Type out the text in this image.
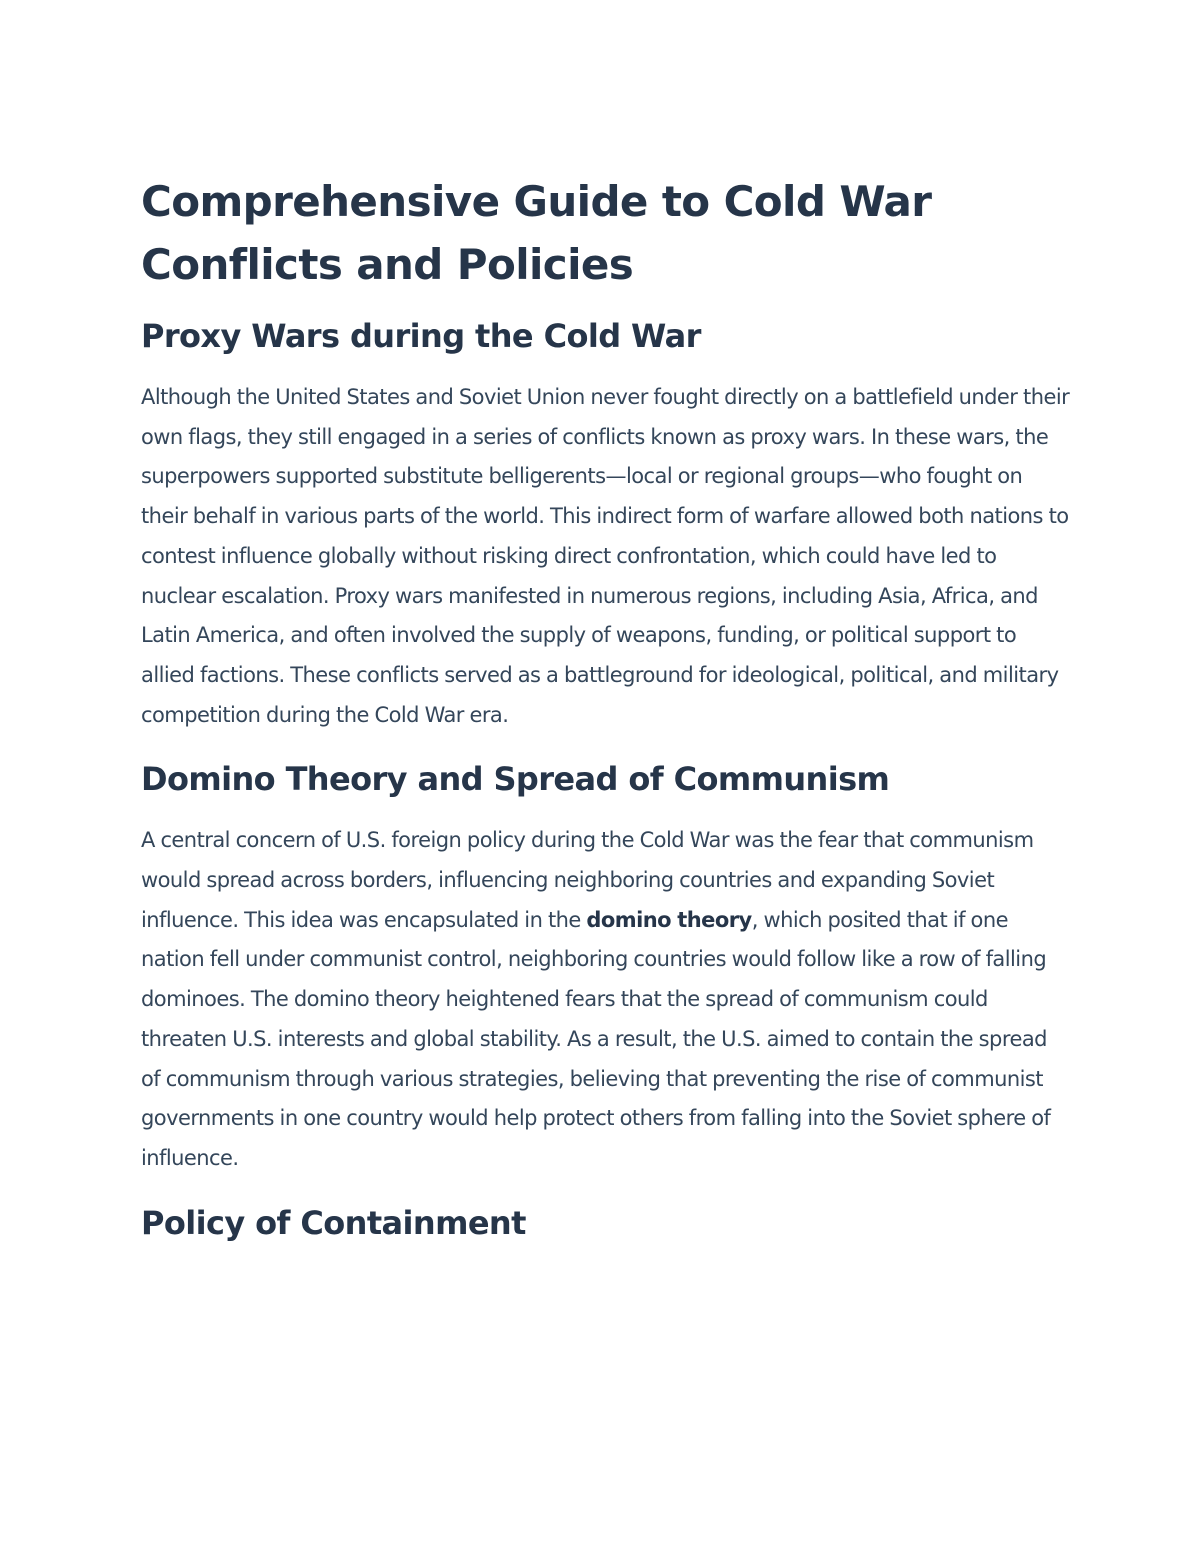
Comprehensive Guide to Cold War Conflicts and Policies
Proxy Wars during the Cold War

Although the United States and Soviet Union never fought directly on a battlefield under their own flags, they still engaged in a series of conflicts known as proxy wars. In these wars, the superpowers supported substitute belligerents—local or regional groups—who fought on their behalf in various parts of the world. This indirect form of warfare allowed both nations to contest influence globally without risking direct confrontation, which could have led to nuclear escalation. Proxy wars manifested in numerous regions, including Asia, Africa, and Latin America, and often involved the supply of weapons, funding, or political support to allied factions. These conflicts served as a battleground for ideological, political, and military competition during the Cold War era.

Domino Theory and Spread of Communism

A central concern of U.S. foreign policy during the Cold War was the fear that communism would spread across borders, influencing neighboring countries and expanding Soviet influence. This idea was encapsulated in the domino theory, which posited that if one nation fell under communist control, neighboring countries would follow like a row of falling dominoes. The domino theory heightened fears that the spread of communism could threaten U.S. interests and global stability. As a result, the U.S. aimed to contain the spread of communism through various strategies, believing that preventing the rise of communist governments in one country would help protect others from falling into the Soviet sphere of influence.

Policy of Containment
